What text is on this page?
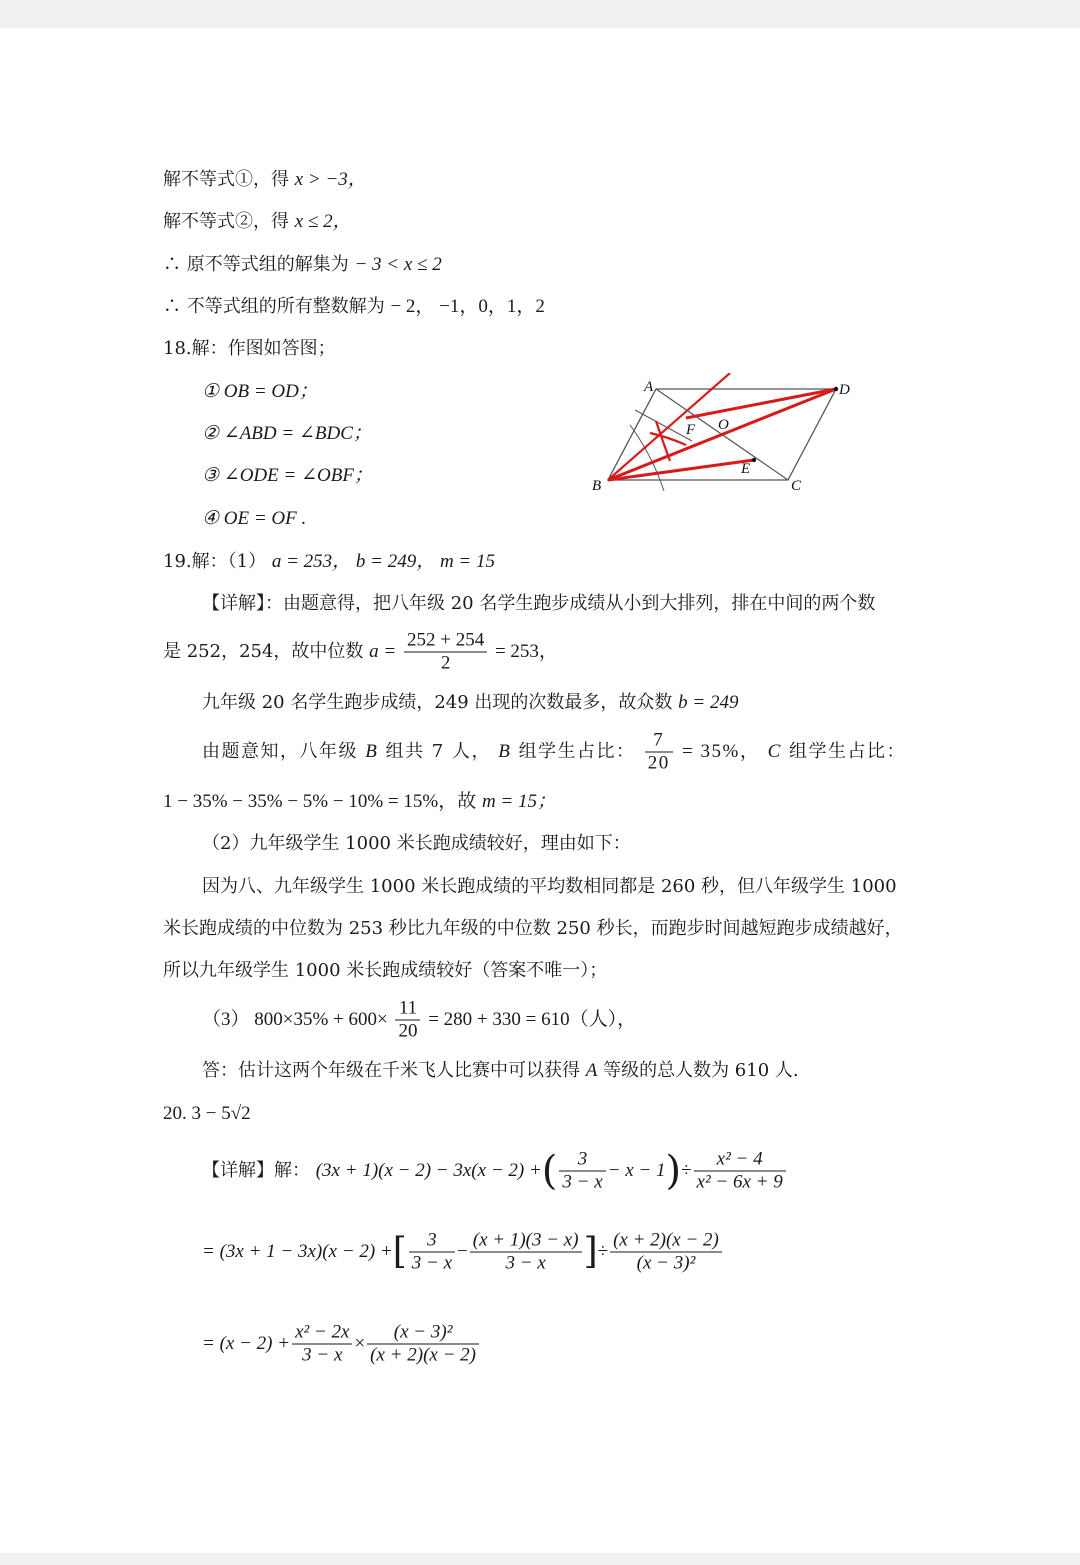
解不等式①，得 x > −3，
解不等式②，得 x ≤ 2，
∴ 原不等式组的解集为 − 3 < x ≤ 2
∴ 不等式组的所有整数解为 − 2， −1，0，1，2
18.解：作图如答图；
① OB = OD；
② ∠ABD = ∠BDC；
③ ∠ODE = ∠OBF；
④ OE = OF .
A	D
B	C
E
F O
19.解：（1） a = 253， b = 249， m = 15
【详解】：由题意得，把八年级 20 名学生跑步成绩从小到大排列，排在中间的两个数
是 252，254，故中位数 $a = \frac{252 + 254}{2} = 253$，
九年级 20 名学生跑步成绩，249 出现的次数最多，故众数 b = 249
由题意知，八年级 B 组共 7 人， B 组学生占比： $\frac{7}{20} = 35\%$， C 组学生占比：
1 − 35% − 35% − 5% − 10% = 15%，故 m = 15；
（2）九年级学生 1000 米长跑成绩较好，理由如下：
因为八、九年级学生 1000 米长跑成绩的平均数相同都是 260 秒，但八年级学生 1000
米长跑成绩的中位数为 253 秒比九年级的中位数 250 秒长，而跑步时间越短跑步成绩越好，
所以九年级学生 1000 米长跑成绩较好（答案不唯一）；
（3） $800\times 35\% + 600\times \frac{11}{20} = 280 + 330 = 610$（人），
答：估计这两个年级在千米飞人比赛中可以获得 A 等级的总人数为 610 人.
20. 3 − 5√2
【详解】解： (3x + 1)(x − 2) − 3x(x − 2) +( $\frac{3}{3 - x} - x - 1)\div \frac{\text{x² − 4}}{\text{x² − 6x + 9}}$
= (3x + 1 − 3x)(x − 2) +[ $\frac{3}{3 - x} - \frac{(x + 1)(3 - x)}{3 - x}$ ]÷ $\frac{(x + 2)(x - 2)}{\text{(x − 3)²}}$
= $(x - 2) + \frac{\text{x² − 2x}}{3 - x} \times \frac{\text{(x − 3)²}}{(x + 2)(x - 2)}$
